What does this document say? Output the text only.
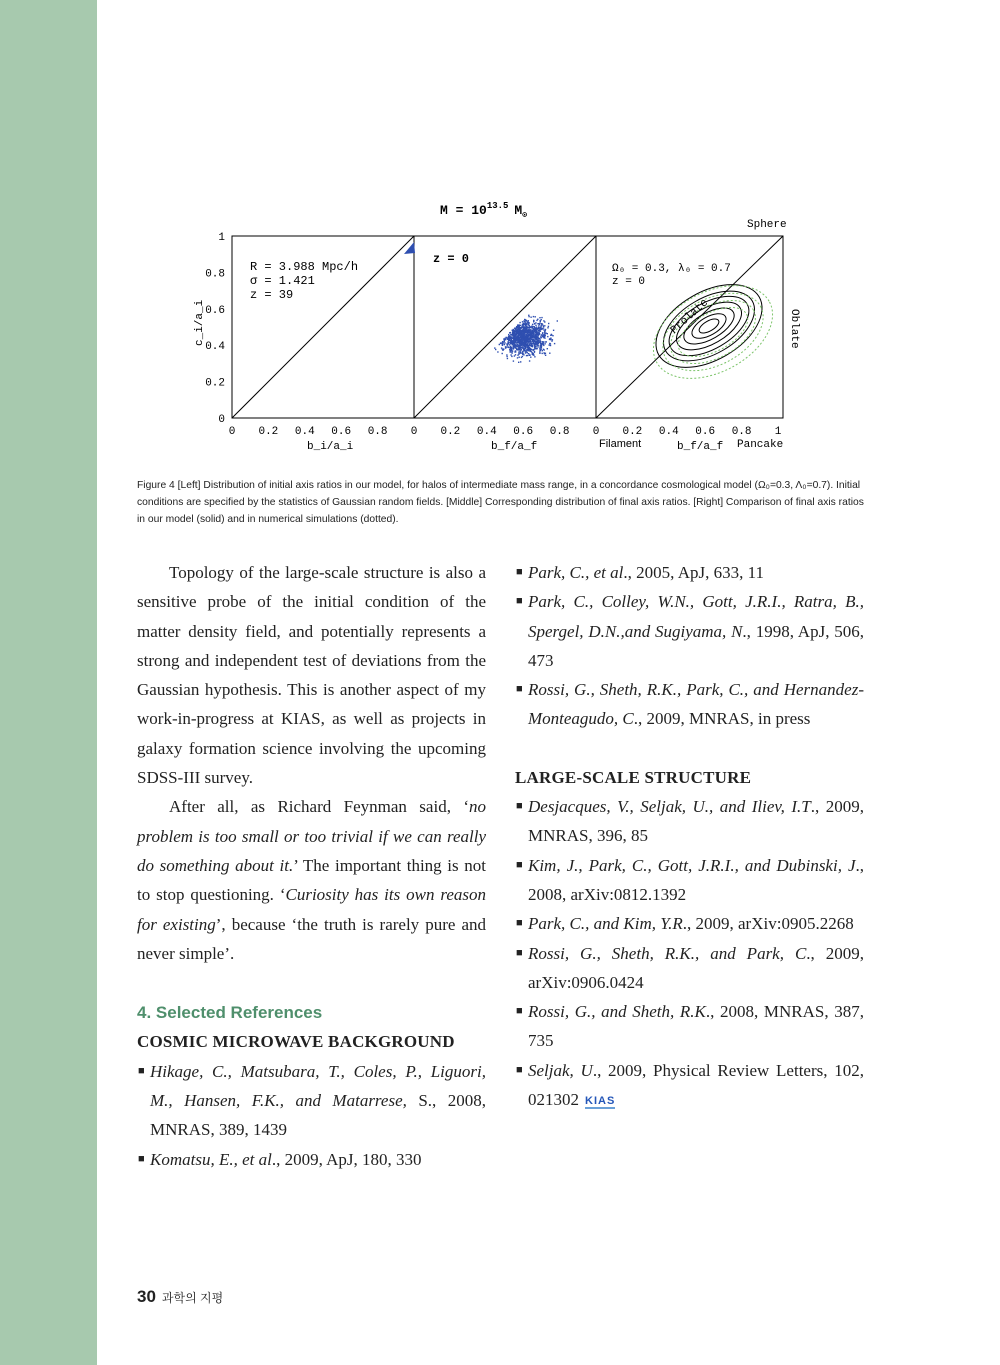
$M = 10^{13.5}$ $M_⊙$
R = 3.988 Mpc/h
σ = 1.421
z = 39
z = 0
Ω₀ = 0.3, λ₀ = 0.7
z = 0
Sphere
Prolate	Oblate
Filament	Pancake
b_i/a_i	b_f/a_f	b_f/a_f
c_i/a_i
0
0.2
0.4
0.6
0.8
1
0 0.2 0.4 0.6 0.8 0 0.2 0.4 0.6 0.8 0 0.2 0.4 0.6 0.8 1
Figure 4 [Left] Distribution of initial axis ratios in our model, for halos of intermediate mass range, in a concordance cosmological model (Ω₀=0.3, Λ₀=0.7). Initial conditions are specified by the statistics of Gaussian random fields. [Middle] Corresponding distribution of final axis ratios. [Right] Comparison of final axis ratios in our model (solid) and in numerical simulations (dotted).

Topology of the large-scale structure is also a sensitive probe of the initial condition of the matter density field, and potentially represents a strong and independent test of deviations from the Gaussian hypothesis. This is another aspect of my work-in-progress at KIAS, as well as projects in galaxy formation science involving the upcoming SDSS-III survey.

After all, as Richard Feynman said, ‘no problem is too small or too trivial if we can really do something about it.’ The important thing is not to stop questioning. ‘Curiosity has its own reason for existing’, because ‘the truth is rarely pure and never simple’.

4. Selected References
COSMIC MICROWAVE BACKGROUND
■
Hikage, C., Matsubara, T., Coles, P., Liguori, M., Hansen, F.K., and Matarrese, S., 2008, MNRAS, 389, 1439
■
Komatsu, E., et al., 2009, ApJ, 180, 330
■
Park, C., et al., 2005, ApJ, 633, 11
■
Park, C., Colley, W.N., Gott, J.R.I., Ratra, B., Spergel, D.N.,and Sugiyama, N., 1998, ApJ, 506, 473
■
Rossi, G., Sheth, R.K., Park, C., and Hernandez-Monteagudo, C., 2009, MNRAS, in press
LARGE-SCALE STRUCTURE
■
Desjacques, V., Seljak, U., and Iliev, I.T., 2009, MNRAS, 396, 85
■
Kim, J., Park, C., Gott, J.R.I., and Dubinski, J., 2008, arXiv:0812.1392
■
Park, C., and Kim, Y.R., 2009, arXiv:0905.2268
■
Rossi, G., Sheth, R.K., and Park, C., 2009, arXiv:0906.0424
■
Rossi, G., and Sheth, R.K., 2008, MNRAS, 387, 735
■
Seljak, U., 2009, Physical Review Letters, 102, 021302 KIAS
30 과학의 지평
